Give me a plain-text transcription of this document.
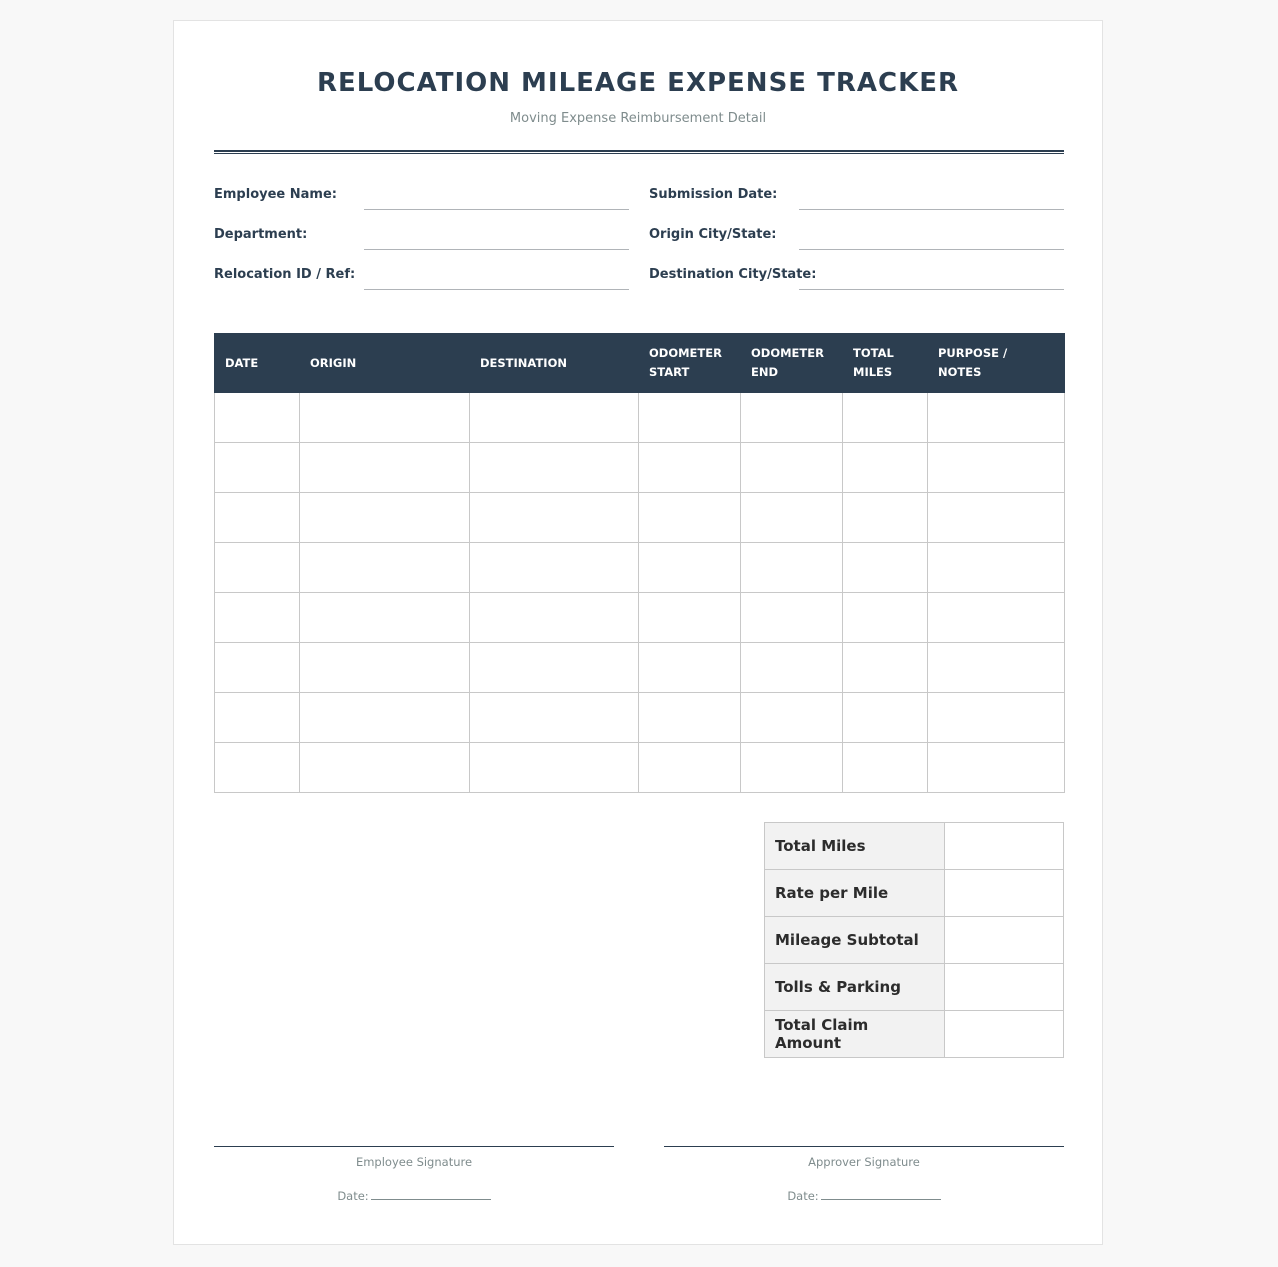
RELOCATION MILEAGE EXPENSE TRACKER
Moving Expense Reimbursement Detail
Employee Name:
Department:
Relocation ID / Ref:
Submission Date:
Origin City/State:
Destination City/State:
DATE	ORIGIN	DESTINATION	ODOMETER START	ODOMETER END	TOTAL MILES	PURPOSE / NOTES

Total Miles	
Rate per Mile	
Mileage Subtotal	
Tolls & Parking	
Total Claim Amount	
Employee Signature
Date:
Approver Signature
Date:
